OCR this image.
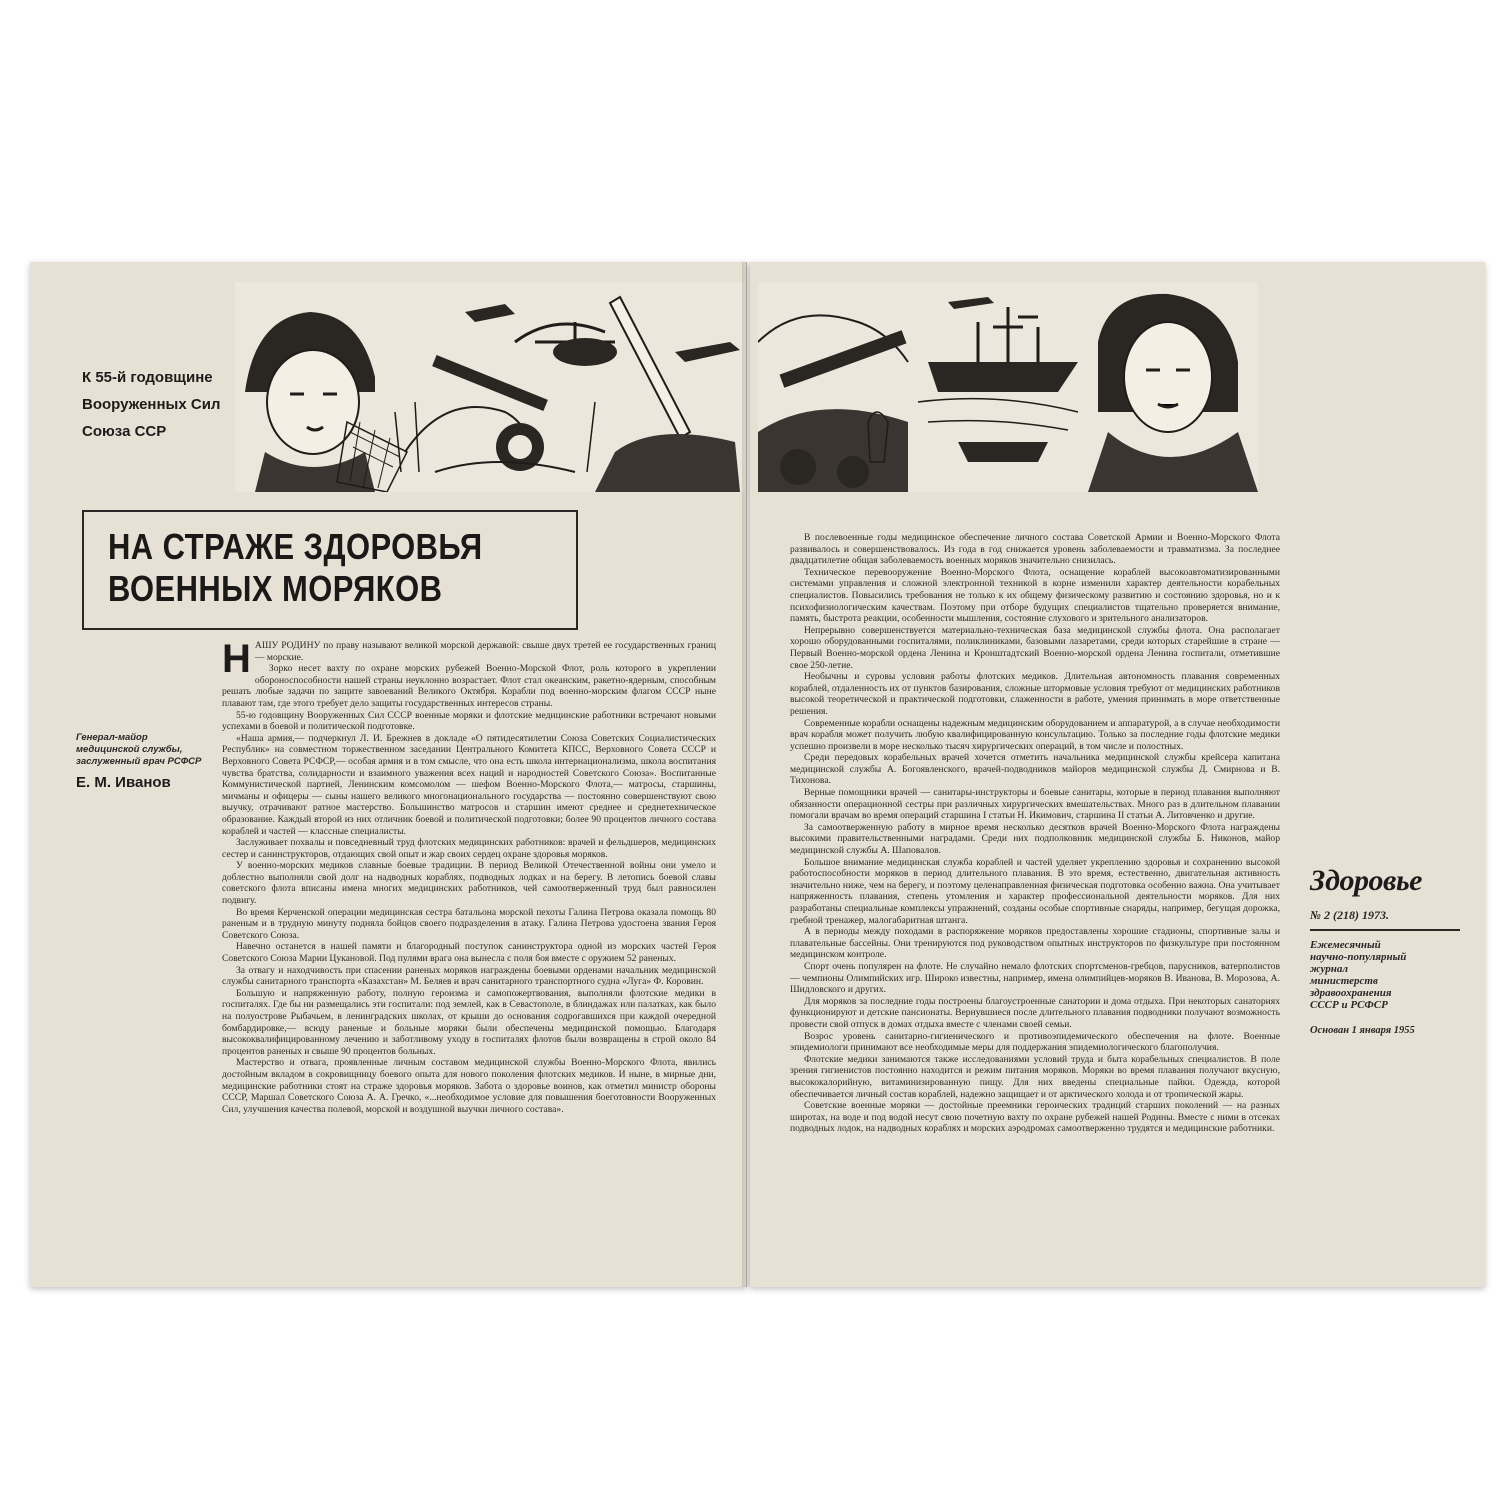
К 55-й годовщине
Вооруженных Сил
Союза ССР
НА СТРАЖЕ ЗДОРОВЬЯ
ВОЕННЫХ МОРЯКОВ
Генерал-майор
медицинской службы,
заслуженный врач РСФСР
Е. М. Иванов

НАШУ РОДИНУ по праву называют великой морской державой: свыше двух третей ее государственных границ — морские.

Зорко несет вахту по охране морских рубежей Военно-Морской Флот, роль которого в укреплении обороноспособности нашей страны неуклонно возрастает. Флот стал океанским, ракетно-ядерным, способным решать любые задачи по защите завоеваний Великого Октября. Корабли под военно-морским флагом СССР ныне плавают там, где этого требует дело защиты государственных интересов страны.

55-ю годовщину Вооруженных Сил СССР военные моряки и флотские медицинские работники встречают новыми успехами в боевой и политической подготовке.

«Наша армия,— подчеркнул Л. И. Брежнев в докладе «О пятидесятилетии Союза Советских Социалистических Республик» на совместном торжественном заседании Центрального Комитета КПСС, Верховного Совета СССР и Верховного Совета РСФСР,— особая армия и в том смысле, что она есть школа интернационализма, школа воспитания чувства братства, солидарности и взаимного уважения всех наций и народностей Советского Союза». Воспитанные Коммунистической партией, Ленинским комсомолом — шефом Военно-Морского Флота,— матросы, старшины, мичманы и офицеры — сыны нашего великого многонационального государства — постоянно совершенствуют свою выучку, отрачивают ратное мастерство. Большинство матросов и старшин имеют среднее и среднетехническое образование. Каждый второй из них отличник боевой и политической подготовки; более 90 процентов личного состава кораблей и частей — классные специалисты.

Заслуживает похвалы и повседневный труд флотских медицинских работников: врачей и фельдшеров, медицинских сестер и санинструкторов, отдающих свой опыт и жар своих сердец охране здоровья моряков.

У военно-морских медиков славные боевые традиции. В период Великой Отечественной войны они умело и доблестно выполняли свой долг на надводных кораблях, подводных лодках и на берегу. В летопись боевой славы советского флота вписаны имена многих медицинских работников, чей самоотверженный труд был равносилен подвигу.

Во время Керченской операции медицинская сестра батальона морской пехоты Галина Петрова оказала помощь 80 раненым и в трудную минуту подняла бойцов своего подразделения в атаку. Галина Петрова удостоена звания Героя Советского Союза.

Навечно останется в нашей памяти и благородный поступок санинструктора одной из морских частей Героя Советского Союза Марии Цукановой. Под пулями врага она вынесла с поля боя вместе с оружием 52 раненых.

За отвагу и находчивость при спасении раненых моряков награждены боевыми орденами начальник медицинской службы санитарного транспорта «Казахстан» М. Беляев и врач санитарного транспортного судна «Луга» Ф. Коровин.

Большую и напряженную работу, полную героизма и самопожертвования, выполняли флотские медики в госпиталях. Где бы ни размещались эти госпитали: под землей, как в Севастополе, в блиндажах или палатках, как было на полуострове Рыбачьем, в ленинградских школах, от крыши до основания содрогавшихся при каждой очередной бомбардировке,— всюду раненые и больные моряки были обеспечены медицинской помощью. Благодаря высококвалифицированному лечению и заботливому уходу в госпиталях флотов были возвращены в строй около 84 процентов раненых и свыше 90 процентов больных.

Мастерство и отвага, проявленные личным составом медицинской службы Военно-Морского Флота, явились достойным вкладом в сокровищницу боевого опыта для нового поколения флотских медиков. И ныне, в мирные дни, медицинские работники стоят на страже здоровья моряков. Забота о здоровье воинов, как отметил министр обороны СССР, Маршал Советского Союза А. А. Гречко, «...необходимое условие для повышения боеготовности Вооруженных Сил, улучшения качества полевой, морской и воздушной выучки личного состава».

В послевоенные годы медицинское обеспечение личного состава Советской Армии и Военно-Морского Флота развивалось и совершенствовалось. Из года в год снижается уровень заболеваемости и травматизма. За последнее двадцатилетие общая заболеваемость военных моряков значительно снизилась.

Техническое перевооружение Военно-Морского Флота, оснащение кораблей высокоавтоматизированными системами управления и сложной электронной техникой в корне изменили характер деятельности корабельных специалистов. Повысились требования не только к их общему физическому развитию и состоянию здоровья, но и к психофизиологическим качествам. Поэтому при отборе будущих специалистов тщательно проверяется внимание, память, быстрота реакции, особенности мышления, состояние слухового и зрительного анализаторов.

Непрерывно совершенствуется материально-техническая база медицинской службы флота. Она располагает хорошо оборудованными госпиталями, поликлиниками, базовыми лазаретами, среди которых старейшие в стране — Первый Военно-морской ордена Ленина и Кронштадтский Военно-морской ордена Ленина госпитали, отметившие свое 250-летие.

Необычны и суровы условия работы флотских медиков. Длительная автономность плавания современных кораблей, отдаленность их от пунктов базирования, сложные штормовые условия требуют от медицинских работников высокой теоретической и практической подготовки, слаженности в работе, умения принимать в море ответственные решения.

Современные корабли оснащены надежным медицинским оборудованием и аппаратурой, а в случае необходимости врач корабля может получить любую квалифицированную консультацию. Только за последние годы флотские медики успешно произвели в море несколько тысяч хирургических операций, в том числе и полостных.

Среди передовых корабельных врачей хочется отметить начальника медицинской службы крейсера капитана медицинской службы А. Богоявленского, врачей-подводников майоров медицинской службы Д. Смирнова и В. Тихонова.

Верные помощники врачей — санитары-инструкторы и боевые санитары, которые в период плавания выполняют обязанности операционной сестры при различных хирургических вмешательствах. Много раз в длительном плавании помогали врачам во время операций старшина I статьи Н. Икимович, старшина II статьи А. Литовченко и другие.

За самоотверженную работу в мирное время несколько десятков врачей Военно-Морского Флота награждены высокими правительственными наградами. Среди них подполковник медицинской службы Б. Никонов, майор медицинской службы А. Шаповалов.

Большое внимание медицинская служба кораблей и частей уделяет укреплению здоровья и сохранению высокой работоспособности моряков в период длительного плавания. В это время, естественно, двигательная активность значительно ниже, чем на берегу, и поэтому целенаправленная физическая подготовка особенно важна. Она учитывает напряженность плавания, степень утомления и характер профессиональной деятельности моряков. Для них разработаны специальные комплексы упражнений, созданы особые спортивные снаряды, например, бегущая дорожка, гребной тренажер, малогабаритная штанга.

А в периоды между походами в распоряжение моряков предоставлены хорошие стадионы, спортивные залы и плавательные бассейны. Они тренируются под руководством опытных инструкторов по физкультуре при постоянном медицинском контроле.

Спорт очень популярен на флоте. Не случайно немало флотских спортсменов-гребцов, парусников, ватерполистов — чемпионы Олимпийских игр. Широко известны, например, имена олимпийцев-моряков В. Иванова, В. Морозова, А. Шидловского и других.

Для моряков за последние годы построены благоустроенные санатории и дома отдыха. При некоторых санаториях функционируют и детские пансионаты. Вернувшиеся после длительного плавания подводники получают возможность провести свой отпуск в домах отдыха вместе с членами своей семьи.

Возрос уровень санитарно-гигиенического и противоэпидемического обеспечения на флоте. Военные эпидемиологи принимают все необходимые меры для поддержания эпидемиологического благополучия.

Флотские медики занимаются также исследованиями условий труда и быта корабельных специалистов. В поле зрения гигиенистов постоянно находится и режим питания моряков. Моряки во время плавания получают вкусную, высококалорийную, витаминизированную пищу. Для них введены специальные пайки. Одежда, которой обеспечивается личный состав кораблей, надежно защищает и от арктического холода и от тропической жары.

Советские военные моряки — достойные преемники героических традиций старших поколений — на разных широтах, на воде и под водой несут свою почетную вахту по охране рубежей нашей Родины. Вместе с ними в отсеках подводных лодок, на надводных кораблях и морских аэродромах самоотверженно трудятся и медицинские работники.

Здоровье
№ 2 (218) 1973.
Ежемесячный
научно-популярный
журнал
министерств
здравоохранения
СССР и РСФСР
Основан 1 января 1955
